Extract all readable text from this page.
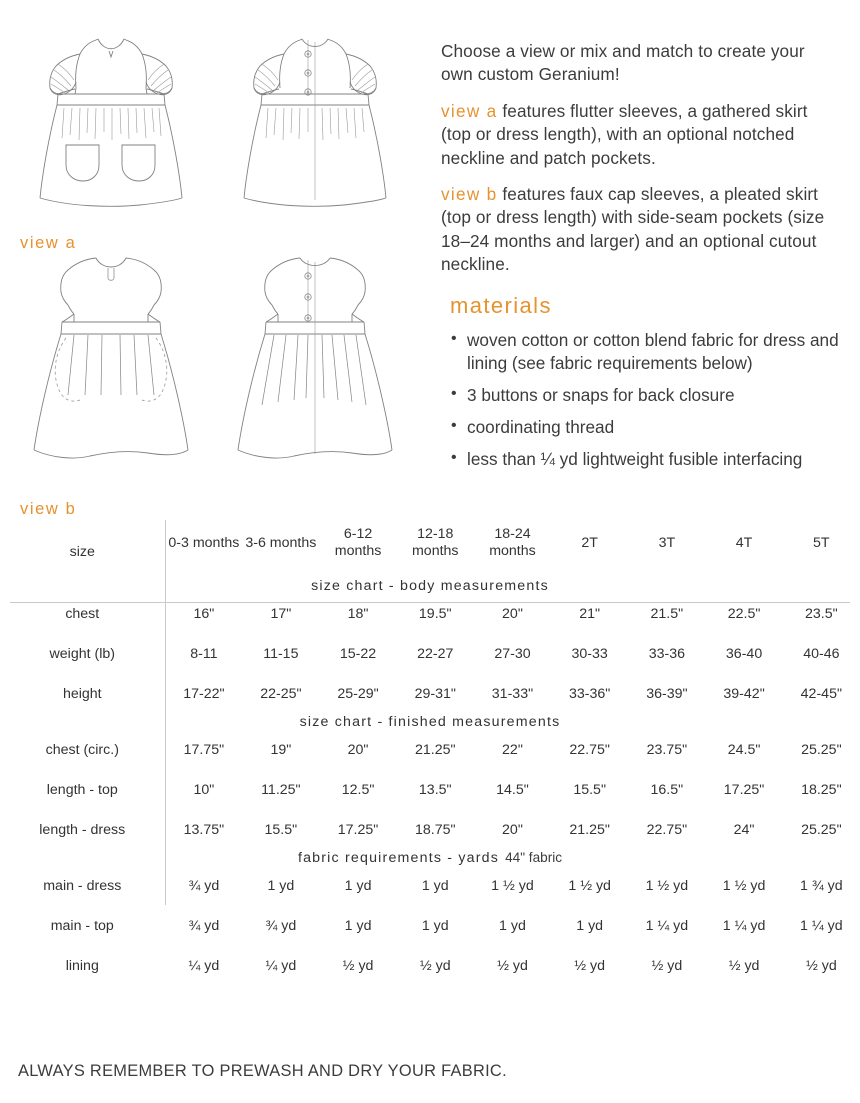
view a
view b

Choose a view or mix and match to create your own custom Geranium!

view a features flutter sleeves, a gathered skirt (top or dress length), with an optional notched neckline and patch pockets.

view b features faux cap sleeves, a pleated skirt (top or dress length) with side-seam pockets (size 18–24 months and larger) and an optional cutout neckline.

materials
• woven cotton or cotton blend fabric for dress and lining (see fabric requirements below)
• 3 buttons or snaps for back closure
• coordinating thread
• less than ¼ yd lightweight fusible interfacing
size	0-3 months	3-6 months	6-12 months	12-18 months	18-24 months	2T	3T	4T	5T

size chart - body measurements									
chest	16"	17"	18"	19.5"	20"	21"	21.5"	22.5"	23.5"
weight (lb)	8-11	11-15	15-22	22-27	27-30	30-33	33-36	36-40	40-46
height	17-22"	22-25"	25-29"	29-31"	31-33"	33-36"	36-39"	39-42"	42-45"
size chart - finished measurements									
chest (circ.)	17.75"	19"	20"	21.25"	22"	22.75"	23.75"	24.5"	25.25"
length - top	10"	11.25"	12.5"	13.5"	14.5"	15.5"	16.5"	17.25"	18.25"
length - dress	13.75"	15.5"	17.25"	18.75"	20"	21.25"	22.75"	24"	25.25"
fabric requirements - yards 44" fabric									
main - dress	¾ yd	1 yd	1 yd	1 yd	1 ½ yd	1 ½ yd	1 ½ yd	1 ½ yd	1 ¾ yd
main - top	¾ yd	¾ yd	1 yd	1 yd	1 yd	1 yd	1 ¼ yd	1 ¼ yd	1 ¼ yd
lining	¼ yd	¼ yd	½ yd	½ yd	½ yd	½ yd	½ yd	½ yd	½ yd
ALWAYS REMEMBER TO PREWASH AND DRY YOUR FABRIC.
